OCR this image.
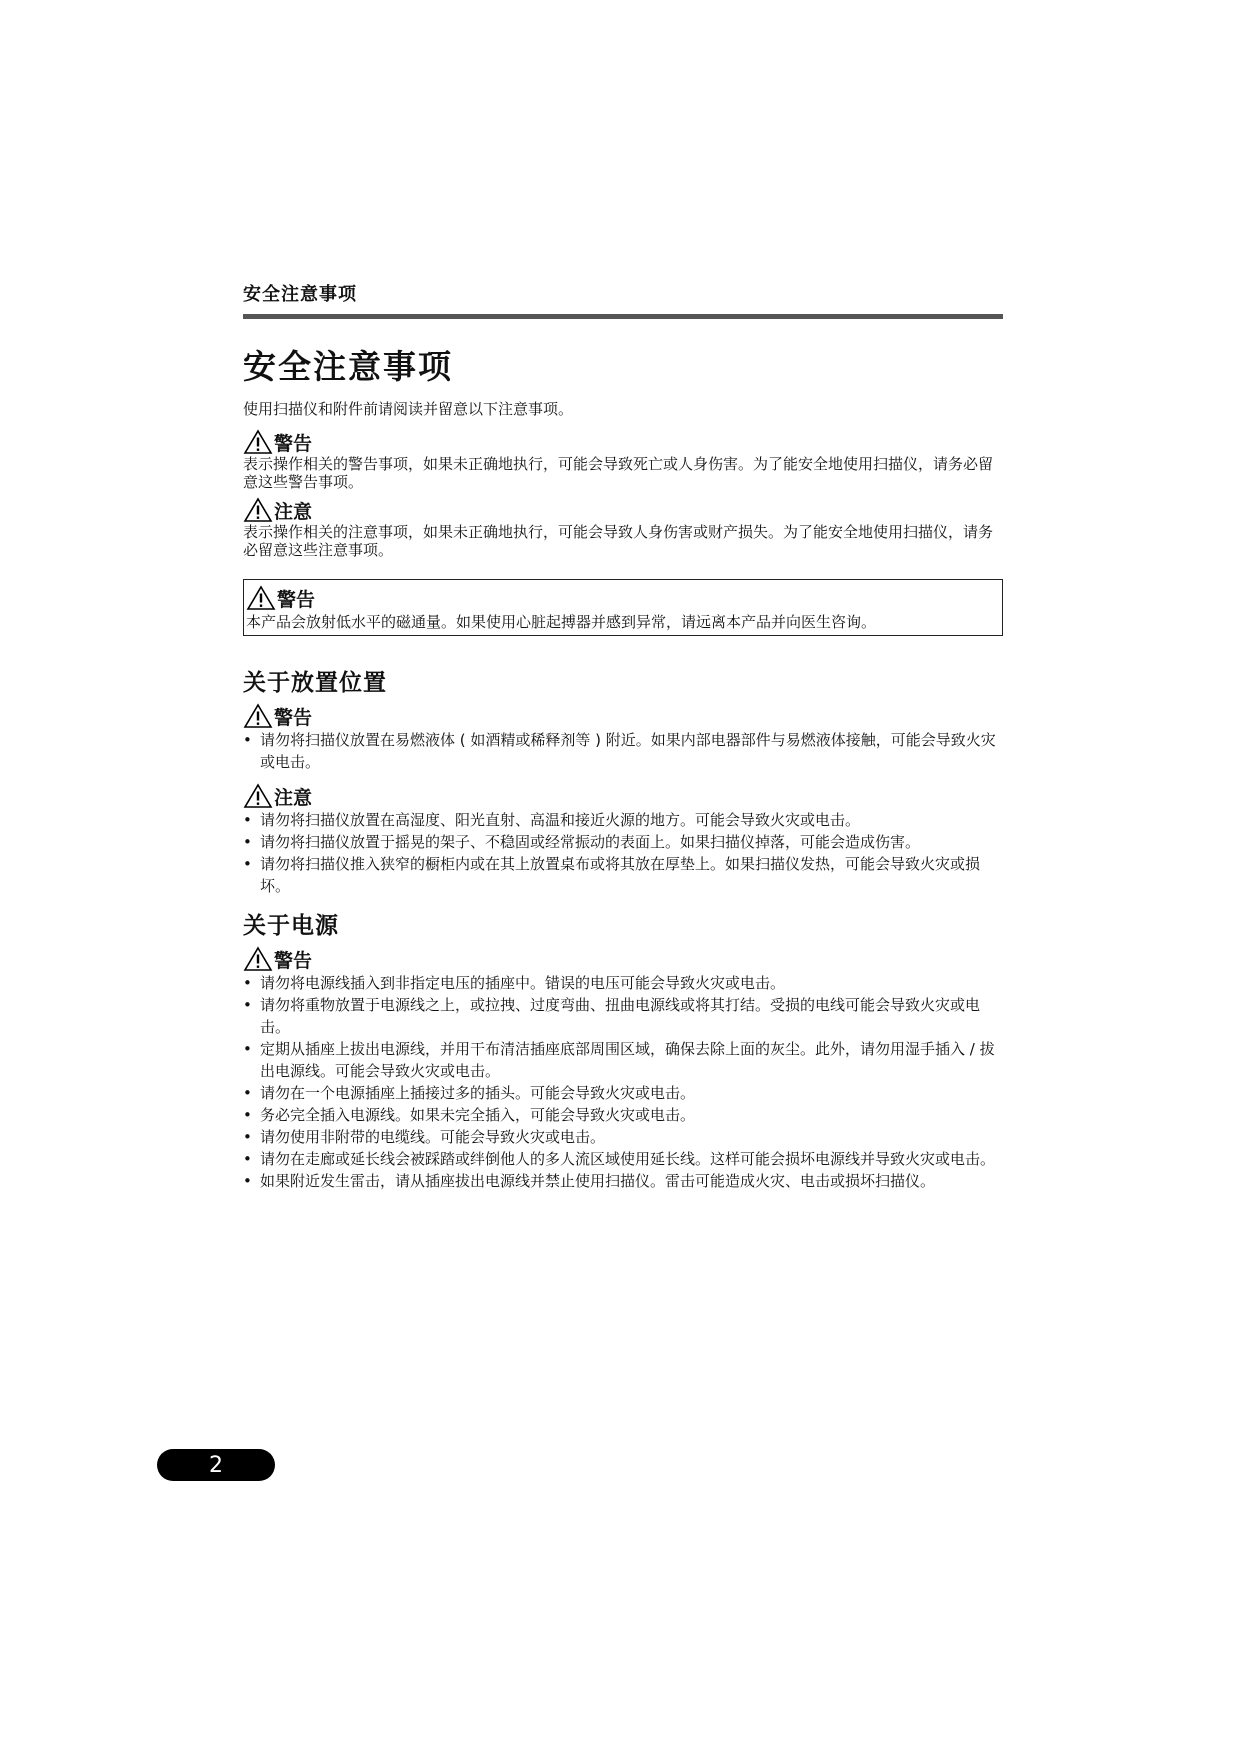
安全注意事项
安全注意事项

使用扫描仪和附件前请阅读并留意以下注意事项。

警告

表示操作相关的警告事项，如果未正确地执行，可能会导致死亡或人身伤害。为了能安全地使用扫描仪，请务必留意这些警告事项。

注意

表示操作相关的注意事项，如果未正确地执行，可能会导致人身伤害或财产损失。为了能安全地使用扫描仪，请务必留意这些注意事项。

警告

本产品会放射低水平的磁通量。如果使用心脏起搏器并感到异常，请远离本产品并向医生咨询。

关于放置位置
警告
• 请勿将扫描仪放置在易燃液体 ( 如酒精或稀释剂等 ) 附近。如果内部电器部件与易燃液体接触，可能会导致火灾或电击。
注意
• 请勿将扫描仪放置在高湿度、阳光直射、高温和接近火源的地方。可能会导致火灾或电击。
• 请勿将扫描仪放置于摇晃的架子、不稳固或经常振动的表面上。如果扫描仪掉落，可能会造成伤害。
• 请勿将扫描仪推入狭窄的橱柜内或在其上放置桌布或将其放在厚垫上。如果扫描仪发热，可能会导致火灾或损坏。
关于电源
警告
• 请勿将电源线插入到非指定电压的插座中。错误的电压可能会导致火灾或电击。
• 请勿将重物放置于电源线之上，或拉拽、过度弯曲、扭曲电源线或将其打结。受损的电线可能会导致火灾或电击。
• 定期从插座上拔出电源线，并用干布清洁插座底部周围区域，确保去除上面的灰尘。此外，请勿用湿手插入 / 拔出电源线。可能会导致火灾或电击。
• 请勿在一个电源插座上插接过多的插头。可能会导致火灾或电击。
• 务必完全插入电源线。如果未完全插入，可能会导致火灾或电击。
• 请勿使用非附带的电缆线。可能会导致火灾或电击。
• 请勿在走廊或延长线会被踩踏或绊倒他人的多人流区域使用延长线。这样可能会损坏电源线并导致火灾或电击。
• 如果附近发生雷击，请从插座拔出电源线并禁止使用扫描仪。雷击可能造成火灾、电击或损坏扫描仪。
2
